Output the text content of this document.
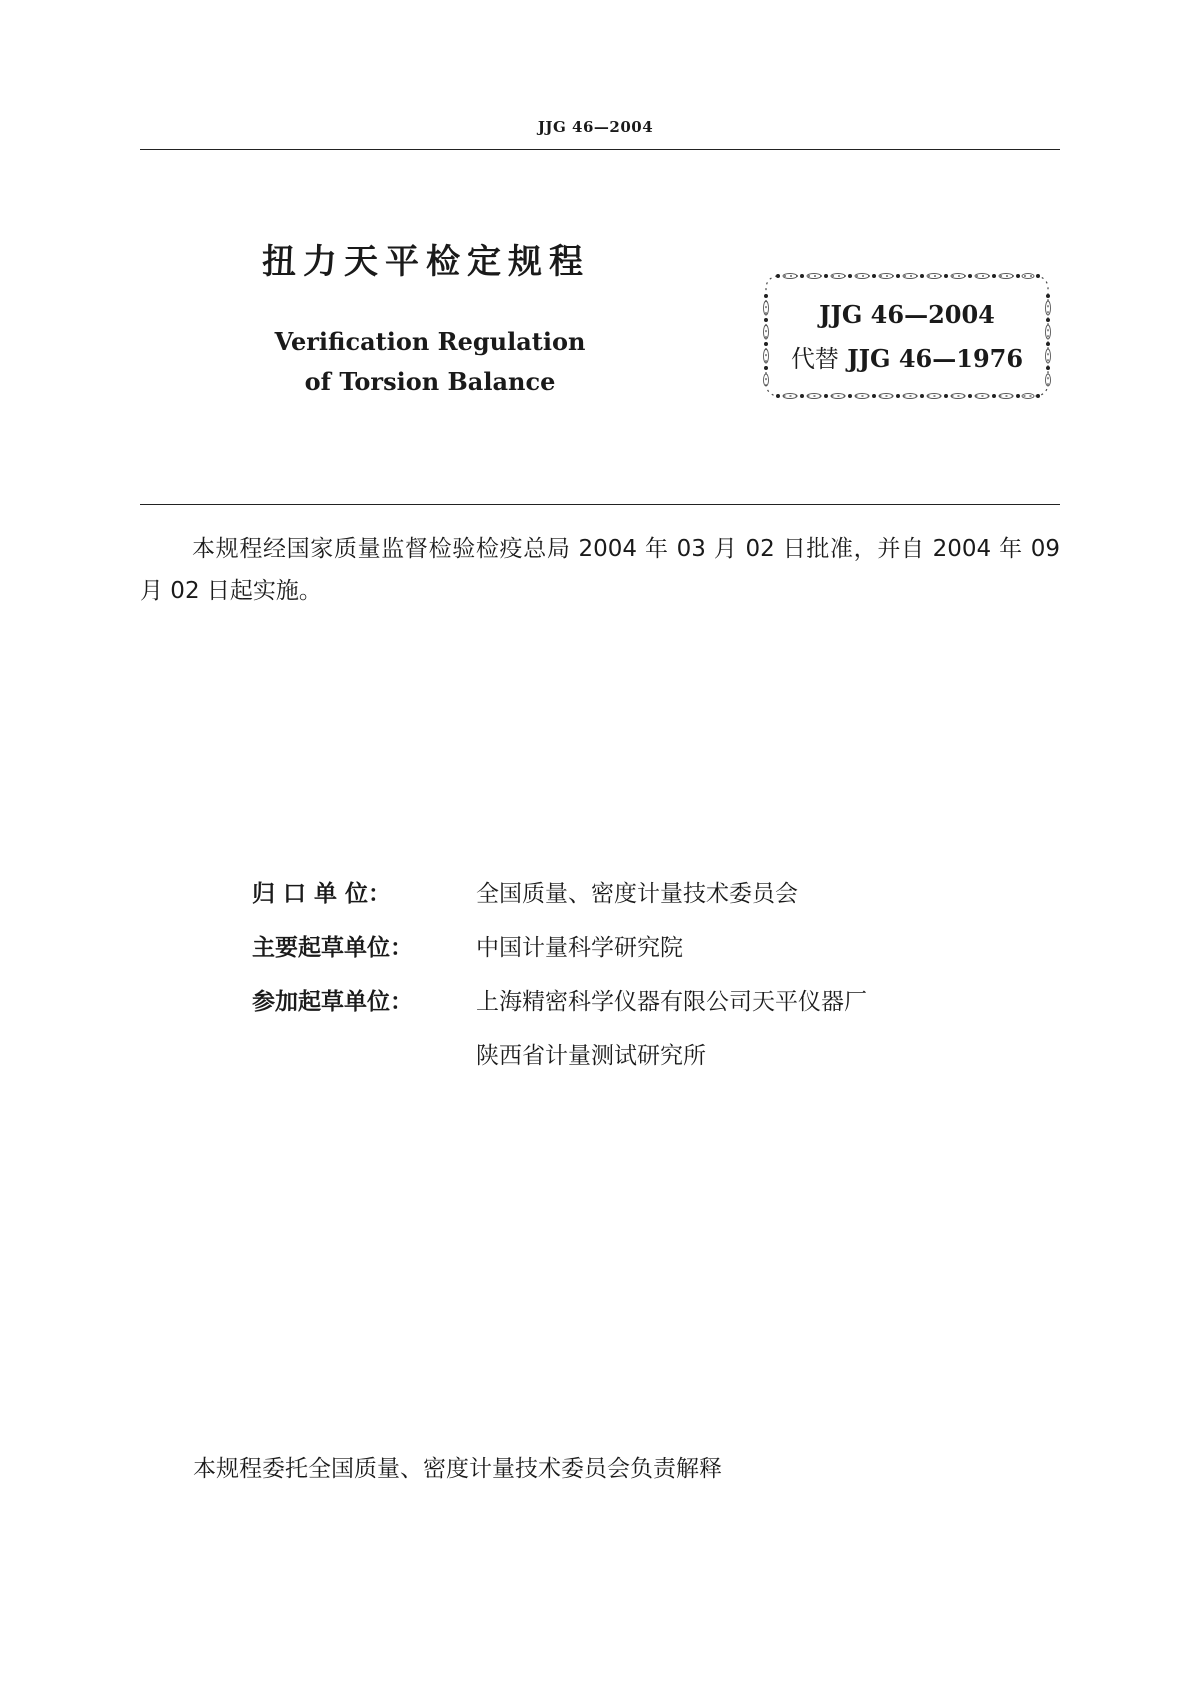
JJG 46—2004
扭力天平检定规程
Verification Regulation
of Torsion Balance
JJG 46—2004
代替 JJG 46—1976
本规程经国家质量监督检验检疫总局 2004 年 03 月 02 日批准，并自 2004 年 09 月 02 日起实施。
归 口 单 位：	全国质量、密度计量技术委员会
主要起草单位：	中国计量科学研究院
参加起草单位：	上海精密科学仪器有限公司天平仪器厂
陕西省计量测试研究所
本规程委托全国质量、密度计量技术委员会负责解释
